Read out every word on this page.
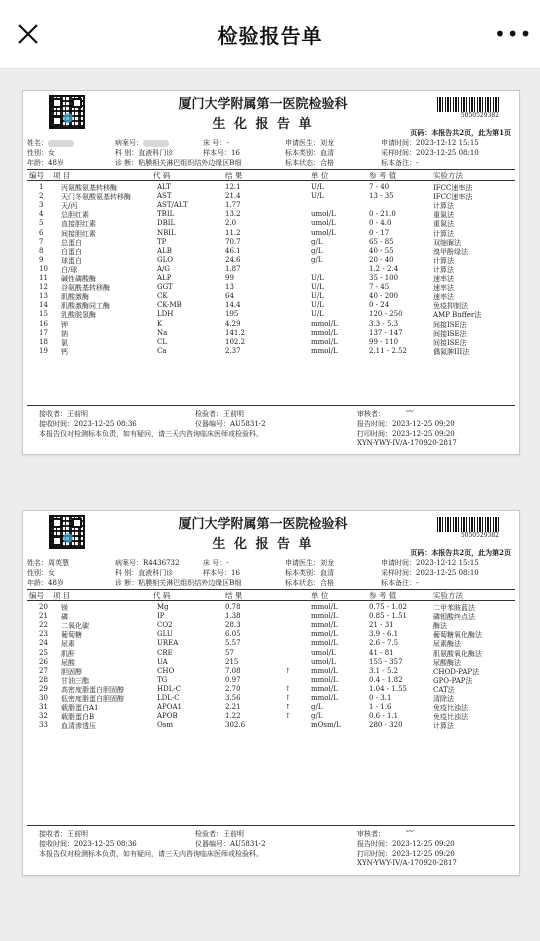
检验报告单	•••
厦门大学附属第一医院检验科
生 化 报 告 单
5050529382
页码：本报告共2页，此为第1页
姓名：	病案号：	床 号：-	申请医生：刘龙	申请时间：2023-12-12 15:15
性别：女	科 别：直液科门诊	样本号：16	标本类别：血清	采样时间：2023-12-25 08:10
年龄：48岁	诊 断：粘膜相关淋巴组织结外边缘区B细	标本状态：合格	标本备注：-
编号 项 目	代 码	结 果	单 位	参 考 值	实验方法
1	丙氨酸氨基转移酶	ALT	12.1	U/L	7 - 40	IFCC速率法
2	天门冬氨酸氨基转移酶	AST	21.4	U/L	13 - 35	IFCC速率法
3	天/丙	AST/ALT	1.77	计算法
4	总胆红素	TBIL	13.2	umol/L	0 - 21.0	重氮法
5	直接胆红素	DBIL	2.0	umol/L	0 - 4.0	重氮法
6	间接胆红素	NBIL	11.2	umol/L	0 - 17	计算法
7	总蛋白	TP	70.7	g/L	65 - 85	双缩脲法
8	白蛋白	ALB	46.1	g/L	40 - 55	溴甲酚绿法
9	球蛋白	GLO	24.6	g/L	20 - 40	计算法
10 白/球	A/G	1.87	1.2 - 2.4	计算法
11 碱性磷酸酶	ALP	99	U/L	35 - 100	速率法
12 谷氨酰基转移酶	GGT	13	U/L	7 - 45	速率法
13 肌酸激酶	CK	64	U/L	40 - 200	速率法
14 肌酸激酶同工酶	CK-MB	14.4	U/L	0 - 24	免疫抑制法
15 乳酸脱氢酶	LDH	195	U/L	120 - 250	AMP Buffer法
16 钾	K	4.29	mmol/L	3.3 - 5.3	间接ISE法
17 钠	Na	141.2	mmol/L	137 - 147	间接ISE法
18 氯	CL	102.2	mmol/L	99 - 110	间接ISE法
19 钙	Ca	2.37	mmol/L	2.11 - 2.52	偶氮胂III法
接收者：王前明	检验者：王前明	审核者：
接收时间：2023-12-25 08:36	仪器编号：AU5831-2	报告时间：2023-12-25 09:20
打印时间：2023-12-25 09:20
本报告仅对检测标本负责，如有疑问，请三天内咨询临床医师或检验科。
XYN-YWY-IV/A-170920-2817
〰
厦门大学附属第一医院检验科
生 化 报 告 单
5050529382
页码：本报告共2页，此为第2页
姓名：周英慧	病案号：R4436732	床 号：-	申请医生：刘龙	申请时间：2023-12-12 15:15
性别：女	科 别：直液科门诊	样本号：16	标本类别：血清	采样时间：2023-12-25 08:10
年龄：48岁	诊 断：粘膜相关淋巴组织结外边缘区B细	标本状态：合格	标本备注：-
编号 项 目	代 码	结 果	单 位	参 考 值	实验方法
20 镁	Mg	0.78	mmol/L	0.75 - 1.02	二甲苯胺蓝法
21 磷	IP	1.38	mmol/L	0.85 - 1.51	磷钼酸终点法
22 二氧化碳	CO2	28.3	mmol/L	21 - 31	酶法
23 葡萄糖	GLU	6.05	mmol/L	3.9 - 6.1	葡萄糖氧化酶法
24 尿素	UREA	5.57	mmol/L	2.6 - 7.5	尿素酶法
25 肌酐	CRE	57	umol/L	41 - 81	肌氨酸氧化酶法
26 尿酸	UA	215	umol/L	155 - 357	尿酸酶法
27 胆固醇	CHO	7.08	↑	mmol/L	3.1 - 5.2	CHOD-PAP法
28 甘油三酯	TG	0.97	mmol/L	0.4 - 1.82	GPO-PAP法
29 高密度脂蛋白胆固醇	HDL-C	2.70	↑	mmol/L	1.04 - 1.55	CAT法
30 低密度脂蛋白胆固醇	LDL-C	3.56	↑	mmol/L	0 - 3.1	清除法
31 载脂蛋白A1	APOA1	2.21	↑	g/L	1 - 1.6	免疫比浊法
32 载脂蛋白B	APOB	1.22	↑	g/L	0.6 - 1.1	免疫比浊法
33 血清渗透压	Osm	302.6	mOsm/L	280 - 320	计算法
接收者：王前明	检验者：王前明	审核者：
接收时间：2023-12-25 08:36	仪器编号：AU5831-2	报告时间：2023-12-25 09:20
打印时间：2023-12-25 09:20
本报告仅对检测标本负责，如有疑问，请三天内咨询临床医师或检验科。
XYN-YWY-IV/A-170920-2817
〰
